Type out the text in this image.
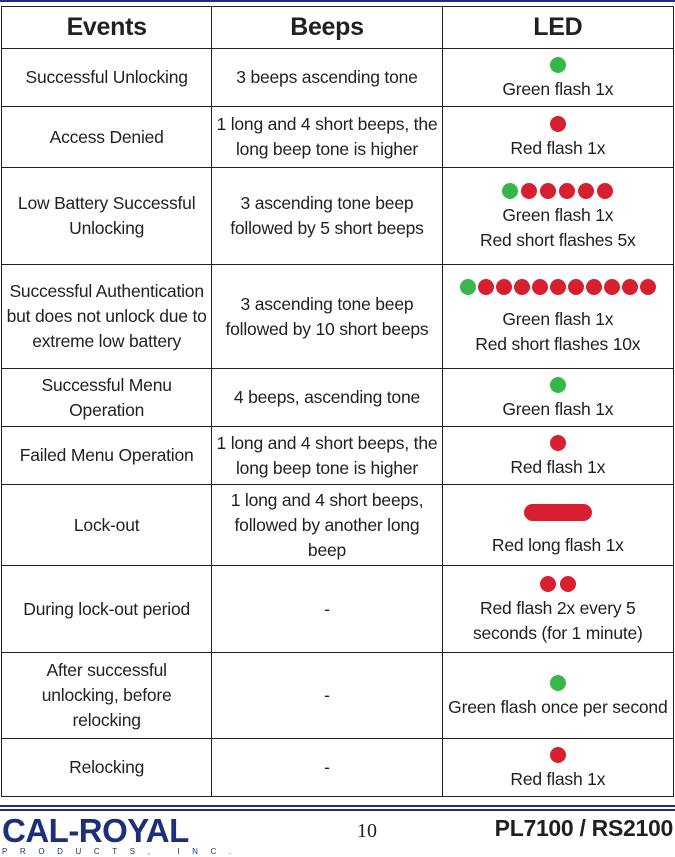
Events	Beeps	LED
Successful Unlocking	3 beeps ascending tone	Green flash 1x

Access Denied	1 long and 4 short beeps, the long beep tone is higher	Red flash 1x

Low Battery Successful Unlocking	3 ascending tone beep followed by 5 short beeps	Green flash 1x
Red short flashes 5x

Successful Authentication but does not unlock due to extreme low battery	3 ascending tone beep followed by 10 short beeps	Green flash 1x
Red short flashes 10x

Successful Menu Operation	4 beeps, ascending tone	Green flash 1x

Failed Menu Operation	1 long and 4 short beeps, the long beep tone is higher	Red flash 1x

Lock-out	1 long and 4 short beeps, followed by another long beep	Red long flash 1x

During lock-out period	-	Red flash 2x every 5 seconds (for 1 minute)

After successful unlocking, before relocking	-	Green flash once per second

Relocking	-	Red flash 1x
CAL-ROYAL
PRODUCTS, INC.
10	PL7100 / RS2100
